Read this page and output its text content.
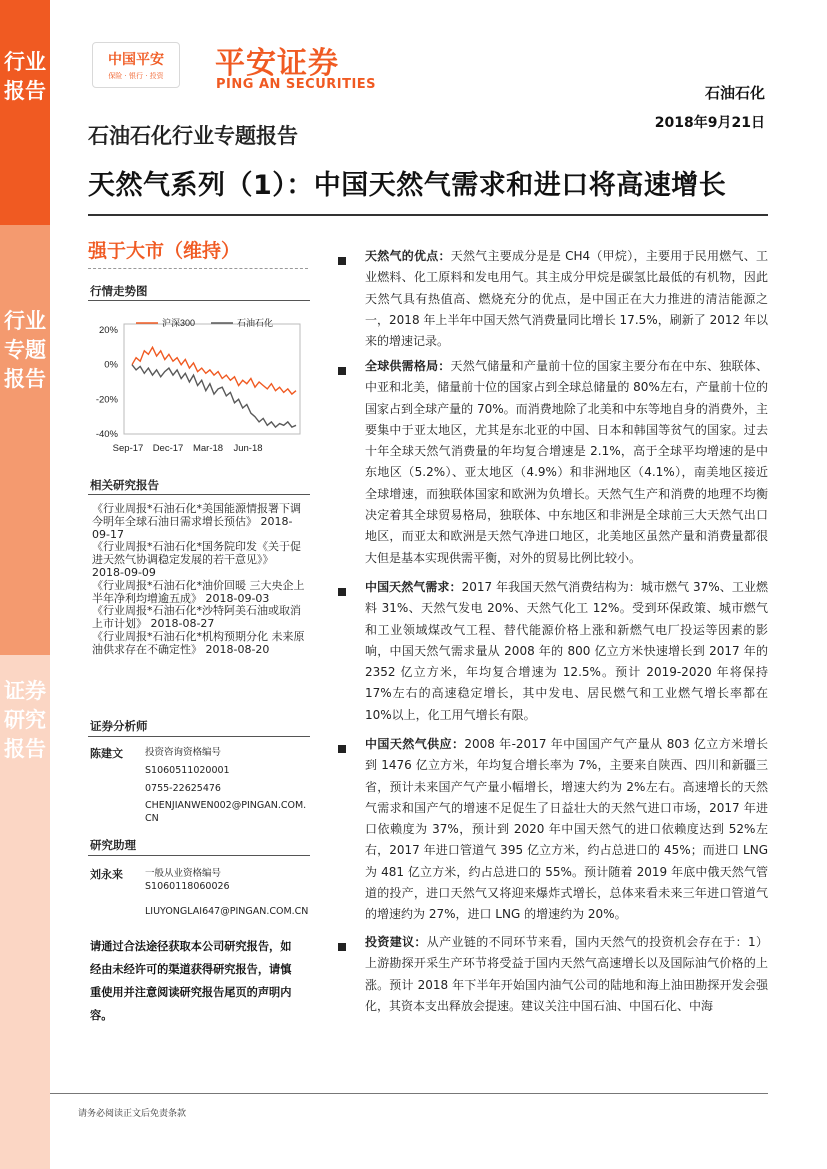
行业报告
行业专题报告
证券研究报告
中国平安
保险 · 银行 · 投资	平安证券
PING AN SECURITIES	石油石化
2018年9月21日
石油石化行业专题报告
天然气系列（1）：中国天然气需求和进口将高速增长
强于大市（维持）
行情走势图
20%
0%
-20%
-40%
Sep-17 Dec-17 Mar-18 Jun-18
沪深300	石油石化
相关研究报告

《行业周报*石油石化*美国能源情报署下调今明年全球石油日需求增长预估》 2018-09-17

《行业周报*石油石化*国务院印发《关于促进天然气协调稳定发展的若干意见》》 2018-09-09

《行业周报*石油石化*油价回暖 三大央企上半年净利均增逾五成》 2018-09-03

《行业周报*石油石化*沙特阿美石油或取消上市计划》 2018-08-27

《行业周报*石油石化*机构预期分化 未来原油供求存在不确定性》 2018-08-20

证券分析师
陈建文 投资咨询资格编号
S1060511020001
0755-22625476
CHENJIANWEN002@PINGAN.COM.
CN
研究助理
刘永来 一般从业资格编号
S1060118060026
LIUYONGLAI647@PINGAN.COM.CN
请通过合法途径获取本公司研究报告，如经由未经许可的渠道获得研究报告，请慎重使用并注意阅读研究报告尾页的声明内容。
天然气的优点：天然气主要成分是是 CH4（甲烷），主要用于民用燃气、工业燃料、化工原料和发电用气。其主成分甲烷是碳氢比最低的有机物，因此天然气具有热值高、燃烧充分的优点，是中国正在大力推进的清洁能源之一，2018 年上半年中国天然气消费量同比增长 17.5%，刷新了 2012 年以来的增速记录。
全球供需格局：天然气储量和产量前十位的国家主要分布在中东、独联体、中亚和北美，储量前十位的国家占到全球总储量的 80%左右，产量前十位的国家占到全球产量的 70%。而消费地除了北美和中东等地自身的消费外，主要集中于亚太地区，尤其是东北亚的中国、日本和韩国等贫气的国家。过去十年全球天然气消费量的年均复合增速是 2.1%，高于全球平均增速的是中东地区（5.2%）、亚太地区（4.9%）和非洲地区（4.1%），南美地区接近全球增速，而独联体国家和欧洲为负增长。天然气生产和消费的地理不均衡决定着其全球贸易格局，独联体、中东地区和非洲是全球前三大天然气出口地区，而亚太和欧洲是天然气净进口地区，北美地区虽然产量和消费量都很大但是基本实现供需平衡，对外的贸易比例比较小。
中国天然气需求：2017 年我国天然气消费结构为：城市燃气 37%、工业燃料 31%、天然气发电 20%、天然气化工 12%。受到环保政策、城市燃气和工业领域煤改气工程、替代能源价格上涨和新燃气电厂投运等因素的影响，中国天然气需求量从 2008 年的 800 亿立方米快速增长到 2017 年的 2352 亿立方米，年均复合增速为 12.5%。预计 2019-2020 年将保持 17%左右的高速稳定增长，其中发电、居民燃气和工业燃气增长率都在 10%以上，化工用气增长有限。
中国天然气供应：2008 年-2017 年中国国产气产量从 803 亿立方米增长到 1476 亿立方米，年均复合增长率为 7%，主要来自陕西、四川和新疆三省，预计未来国产气产量小幅增长，增速大约为 2%左右。高速增长的天然气需求和国产气的增速不足促生了日益壮大的天然气进口市场，2017 年进口依赖度为 37%，预计到 2020 年中国天然气的进口依赖度达到 52%左右，2017 年进口管道气 395 亿立方米，约占总进口的 45%；而进口 LNG 为 481 亿立方米，约占总进口的 55%。预计随着 2019 年底中俄天然气管道的投产，进口天然气又将迎来爆炸式增长，总体来看未来三年进口管道气的增速约为 27%，进口 LNG 的增速约为 20%。
投资建议：从产业链的不同环节来看，国内天然气的投资机会存在于：1）上游勘探开采生产环节将受益于国内天然气高速增长以及国际油气价格的上涨。预计 2018 年下半年开始国内油气公司的陆地和海上油田勘探开发会强化，其资本支出释放会提速。建议关注中国石油、中国石化、中海
请务必阅读正文后免责条款
